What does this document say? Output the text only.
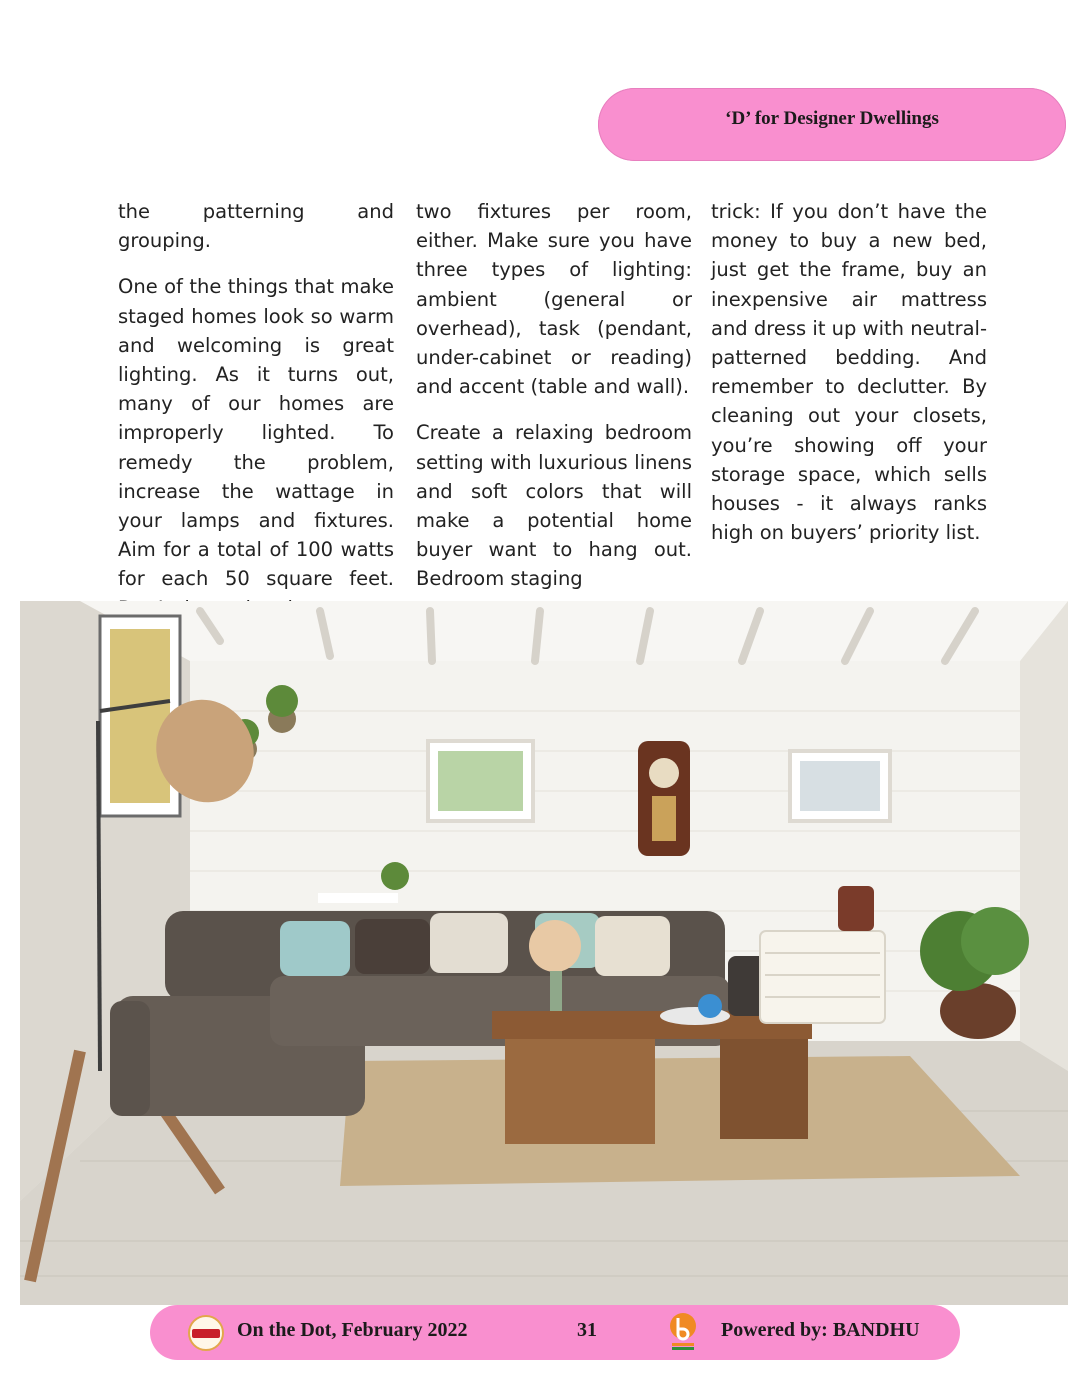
‘D’ for Designer Dwellings

the patterning and grouping.

One of the things that make staged homes look so warm and welcoming is great lighting. As it turns out, many of our homes are improperly lighted. To remedy the problem, increase the wattage in your lamps and fixtures. Aim for a total of 100 watts for each 50 square feet.

two fixtures per room, either. Make sure you have three types of lighting: ambient (general or overhead), task (pendant, under-cabinet or reading) and accent (table and wall).

Create a relaxing bedroom setting with luxurious linens and soft colors that will make a potential home buyer want to hang out. Bedroom staging

trick: If you don’t have the money to buy a new bed, just get the frame, buy an inexpensive air mattress and dress it up with neutral-patterned bedding. And remember to declutter. By cleaning out your closets, you’re showing off your storage space, which sells houses - it always ranks high on buyers’ priority list.

On the Dot, February 2022	31	Powered by: BANDHU
